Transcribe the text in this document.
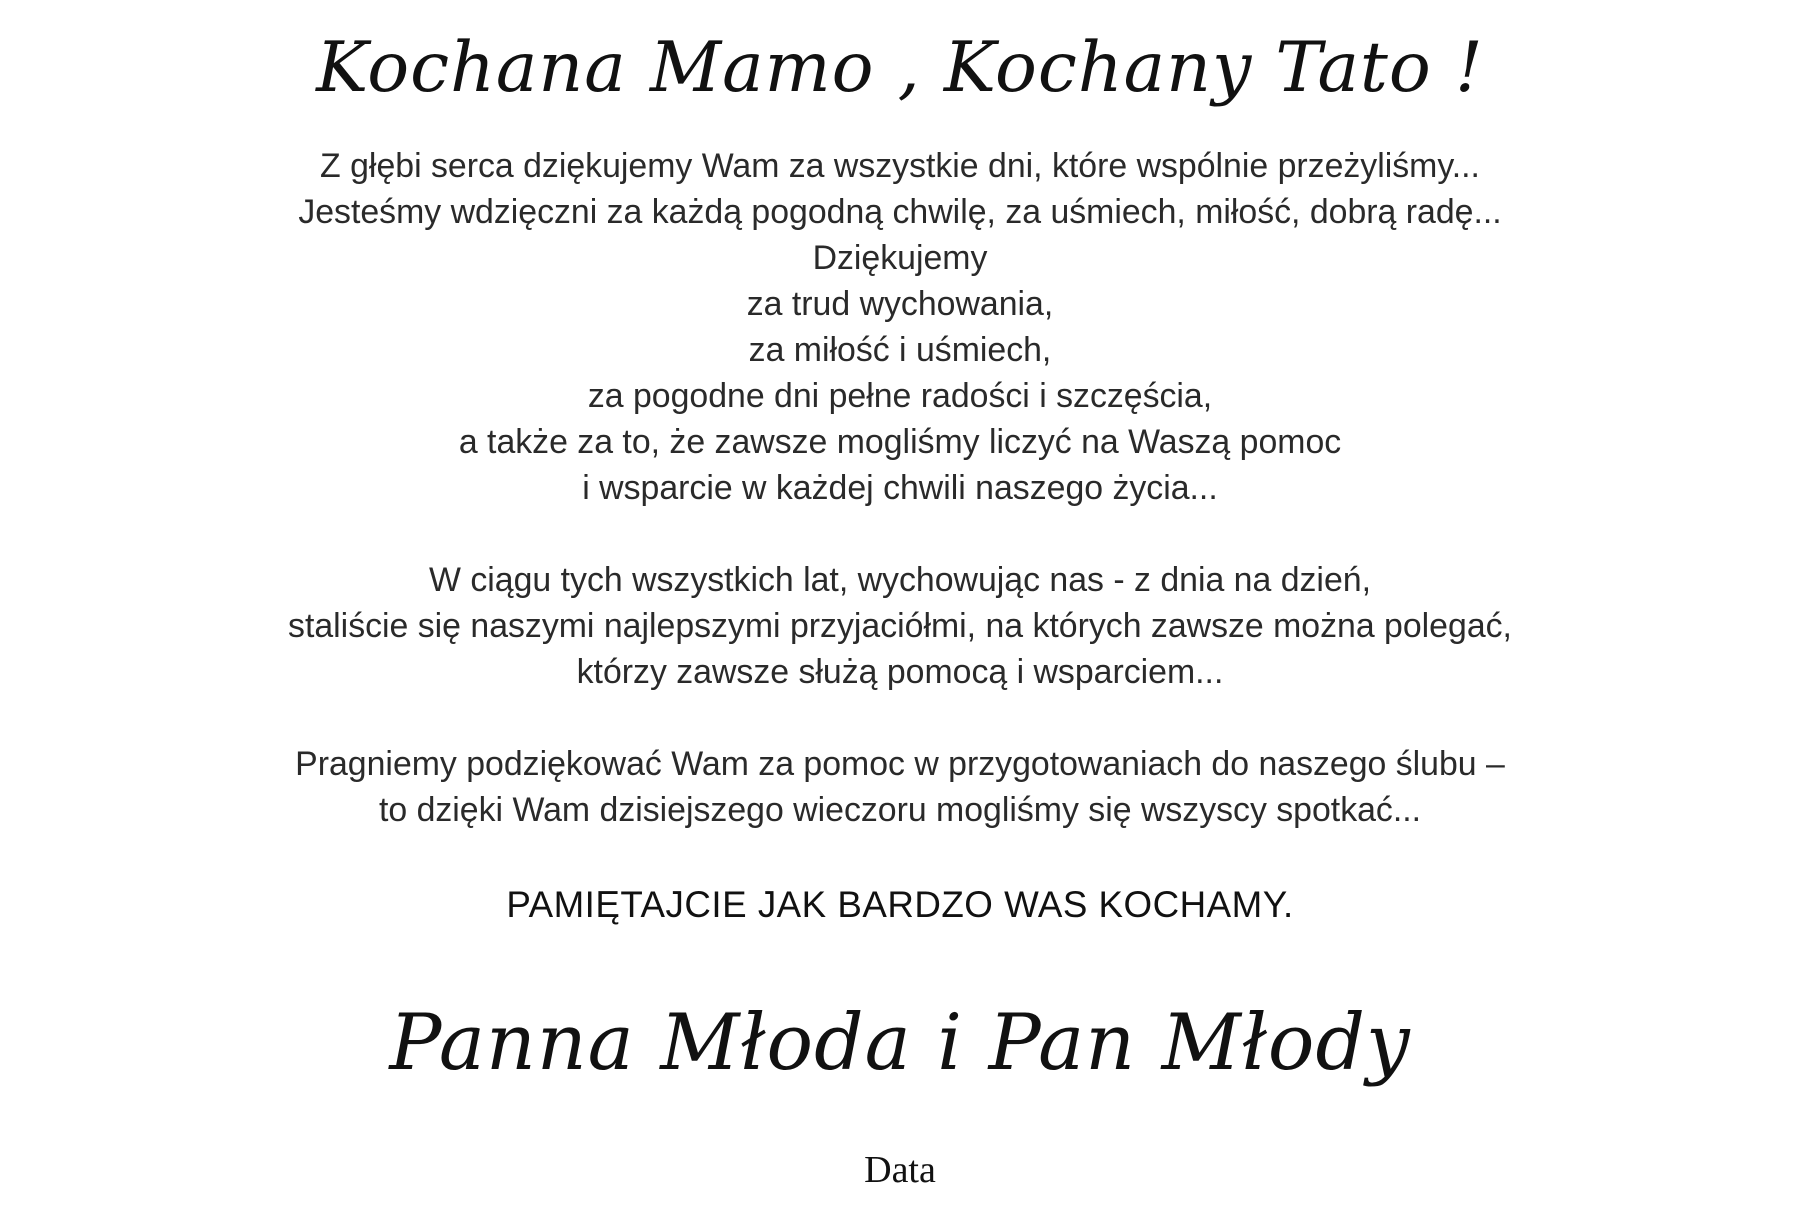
Kochana Mamo , Kochany Tato !
Z głębi serca dziękujemy Wam za wszystkie dni, które wspólnie przeżyliśmy...
Jesteśmy wdzięczni za każdą pogodną chwilę, za uśmiech, miłość, dobrą radę...
Dziękujemy
za trud wychowania,
za miłość i uśmiech,
za pogodne dni pełne radości i szczęścia,
a także za to, że zawsze mogliśmy liczyć na Waszą pomoc
i wsparcie w każdej chwili naszego życia...
W ciągu tych wszystkich lat, wychowując nas - z dnia na dzień,
staliście się naszymi najlepszymi przyjaciółmi, na których zawsze można polegać,
którzy zawsze służą pomocą i wsparciem...
Pragniemy podziękować Wam za pomoc w przygotowaniach do naszego ślubu –
to dzięki Wam dzisiejszego wieczoru mogliśmy się wszyscy spotkać...
PAMIĘTAJCIE JAK BARDZO WAS KOCHAMY.
Panna Młoda i Pan Młody
Data
